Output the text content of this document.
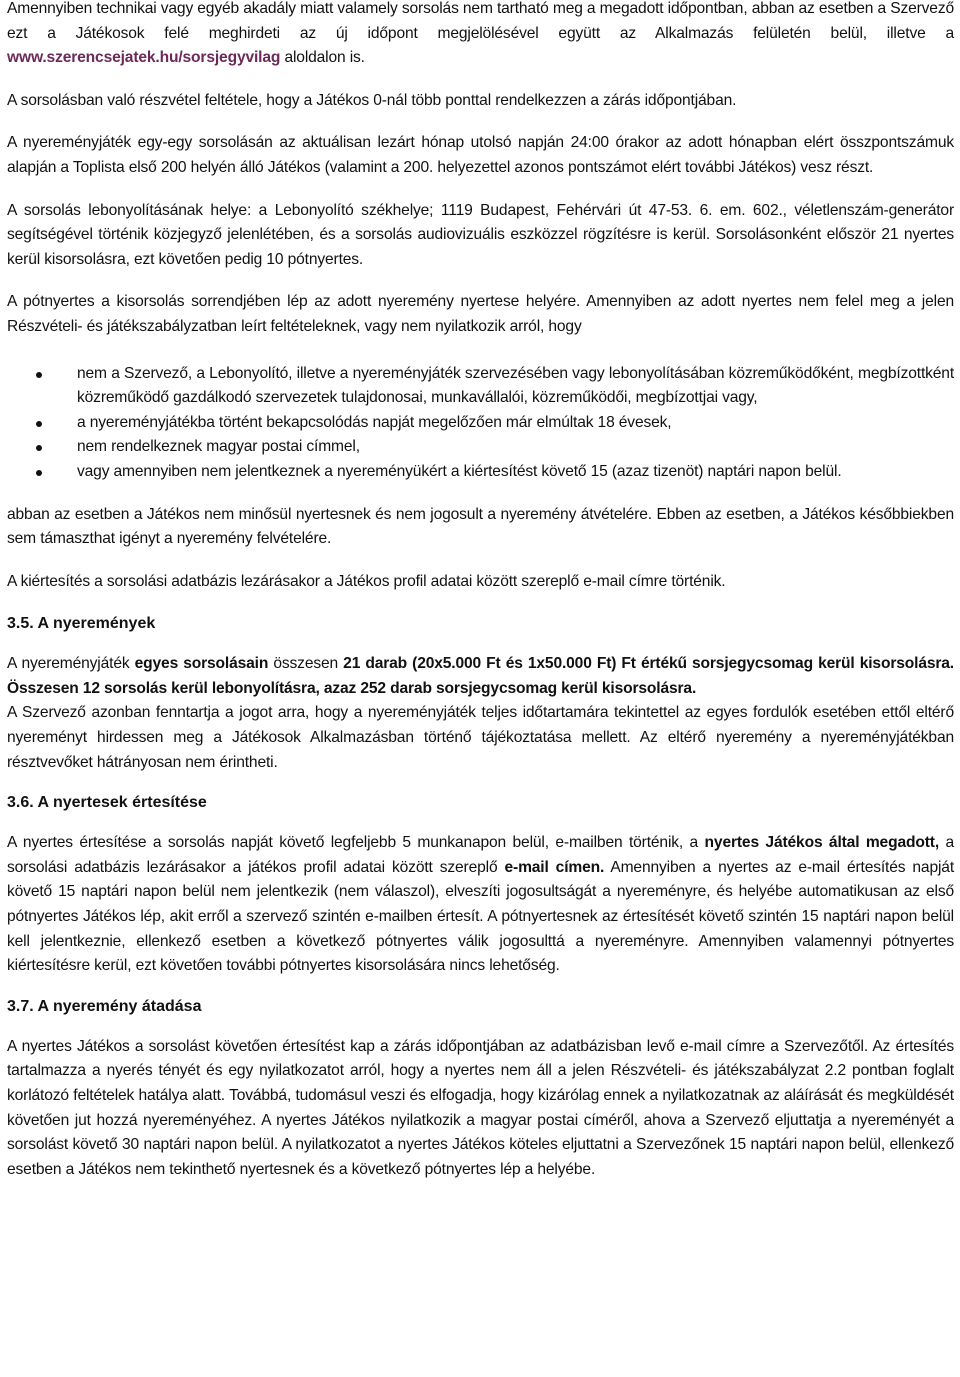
Amennyiben technikai vagy egyéb akadály miatt valamely sorsolás nem tartható meg a megadott időpontban, abban az esetben a Szervező ezt a Játékosok felé meghirdeti az új időpont megjelölésével együtt az Alkalmazás felületén belül, illetve a www.szerencsejatek.hu/sorsjegyvilag aloldalon is.

A sorsolásban való részvétel feltétele, hogy a Játékos 0-nál több ponttal rendelkezzen a zárás időpontjában.

A nyereményjáték egy-egy sorsolásán az aktuálisan lezárt hónap utolsó napján 24:00 órakor az adott hónapban elért összpontszámuk alapján a Toplista első 200 helyén álló Játékos (valamint a 200. helyezettel azonos pontszámot elért további Játékos) vesz részt.

A sorsolás lebonyolításának helye: a Lebonyolító székhelye; 1119 Budapest, Fehérvári út 47-53. 6. em. 602., véletlenszám-generátor segítségével történik közjegyző jelenlétében, és a sorsolás audiovizuális eszközzel rögzítésre is kerül. Sorsolásonként először 21 nyertes kerül kisorsolásra, ezt követően pedig 10 pótnyertes.

A pótnyertes a kisorsolás sorrendjében lép az adott nyeremény nyertese helyére. Amennyiben az adott nyertes nem felel meg a jelen Részvételi- és játékszabályzatban leírt feltételeknek, vagy nem nyilatkozik arról, hogy

nem a Szervező, a Lebonyolító, illetve a nyereményjáték szervezésében vagy lebonyolításában közreműködőként, megbízottként közreműködő gazdálkodó szervezetek tulajdonosai, munkavállalói, közreműködői, megbízottjai vagy,
a nyereményjátékba történt bekapcsolódás napját megelőzően már elmúltak 18 évesek,
nem rendelkeznek magyar postai címmel,
vagy amennyiben nem jelentkeznek a nyereményükért a kiértesítést követő 15 (azaz tizenöt) naptári napon belül.

abban az esetben a Játékos nem minősül nyertesnek és nem jogosult a nyeremény átvételére. Ebben az esetben, a Játékos későbbiekben sem támaszthat igényt a nyeremény felvételére.

A kiértesítés a sorsolási adatbázis lezárásakor a Játékos profil adatai között szereplő e-mail címre történik.

3.5. A nyeremények

A nyereményjáték egyes sorsolásain összesen 21 darab (20x5.000 Ft és 1x50.000 Ft) Ft értékű sorsjegycsomag kerül kisorsolásra. Összesen 12 sorsolás kerül lebonyolításra, azaz 252 darab sorsjegycsomag kerül kisorsolásra.

A Szervező azonban fenntartja a jogot arra, hogy a nyereményjáték teljes időtartamára tekintettel az egyes fordulók esetében ettől eltérő nyereményt hirdessen meg a Játékosok Alkalmazásban történő tájékoztatása mellett. Az eltérő nyeremény a nyereményjátékban résztvevőket hátrányosan nem érintheti.

3.6. A nyertesek értesítése

A nyertes értesítése a sorsolás napját követő legfeljebb 5 munkanapon belül, e-mailben történik, a nyertes Játékos által megadott, a sorsolási adatbázis lezárásakor a játékos profil adatai között szereplő e-mail címen. Amennyiben a nyertes az e-mail értesítés napját követő 15 naptári napon belül nem jelentkezik (nem válaszol), elveszíti jogosultságát a nyereményre, és helyébe automatikusan az első pótnyertes Játékos lép, akit erről a szervező szintén e-mailben értesít. A pótnyertesnek az értesítését követő szintén 15 naptári napon belül kell jelentkeznie, ellenkező esetben a következő pótnyertes válik jogosulttá a nyereményre. Amennyiben valamennyi pótnyertes kiértesítésre kerül, ezt követően további pótnyertes kisorsolására nincs lehetőség.

3.7. A nyeremény átadása

A nyertes Játékos a sorsolást követően értesítést kap a zárás időpontjában az adatbázisban levő e-mail címre a Szervezőtől. Az értesítés tartalmazza a nyerés tényét és egy nyilatkozatot arról, hogy a nyertes nem áll a jelen Részvételi- és játékszabályzat 2.2 pontban foglalt korlátozó feltételek hatálya alatt. Továbbá, tudomásul veszi és elfogadja, hogy kizárólag ennek a nyilatkozatnak az aláírását és megküldését követően jut hozzá nyereményéhez. A nyertes Játékos nyilatkozik a magyar postai címéről, ahova a Szervező eljuttatja a nyereményét a sorsolást követő 30 naptári napon belül. A nyilatkozatot a nyertes Játékos köteles eljuttatni a Szervezőnek 15 naptári napon belül, ellenkező esetben a Játékos nem tekinthető nyertesnek és a következő pótnyertes lép a helyébe.
